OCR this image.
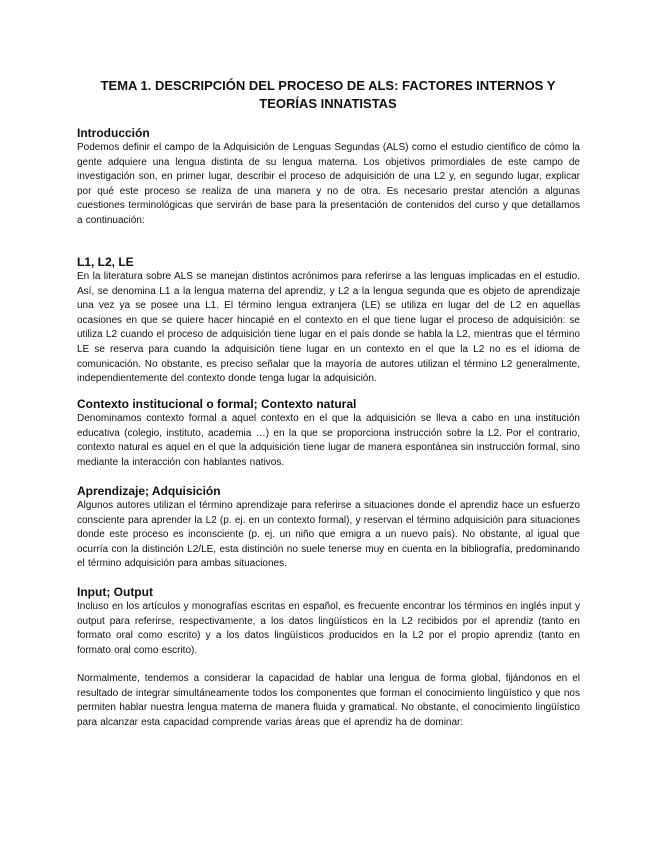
TEMA 1. DESCRIPCIÓN DEL PROCESO DE ALS: FACTORES INTERNOS Y TEORÍAS INNATISTAS
Introducción

Podemos definir el campo de la Adquisición de Lenguas Segundas (ALS) como el estudio científico de cómo la gente adquiere una lengua distinta de su lengua materna. Los objetivos primordiales de este campo de investigación son, en primer lugar, describir el proceso de adquisición de una L2 y, en segundo lugar, explicar por qué este proceso se realiza de una manera y no de otra. Es necesario prestar atención a algunas cuestiones terminológicas que servirán de base para la presentación de contenidos del curso y que detallamos a continuación:

L1, L2, LE

En la literatura sobre ALS se manejan distintos acrónimos para referirse a las lenguas implicadas en el estudio. Así, se denomina L1 a la lengua materna del aprendiz, y L2 a la lengua segunda que es objeto de aprendizaje una vez ya se posee una L1. El término lengua extranjera (LE) se utiliza en lugar del de L2 en aquellas ocasiones en que se quiere hacer hincapié en el contexto en el que tiene lugar el proceso de adquisición: se utiliza L2 cuando el proceso de adquisición tiene lugar en el país donde se habla la L2, mientras que el término LE se reserva para cuando la adquisición tiene lugar en un contexto en el que la L2 no es el idioma de comunicación. No obstante, es preciso señalar que la mayoría de autores utilizan el término L2 generalmente, independientemente del contexto donde tenga lugar la adquisición.

Contexto institucional o formal; Contexto natural

Denominamos contexto formal a aquel contexto en el que la adquisición se lleva a cabo en una institución educativa (colegio, instituto, academia …) en la que se proporciona instrucción sobre la L2. Por el contrario, contexto natural es aquel en el que la adquisición tiene lugar de manera espontánea sin instrucción formal, sino mediante la interacción con hablantes nativos.

Aprendizaje; Adquisición

Algunos autores utilizan el término aprendizaje para referirse a situaciones donde el aprendiz hace un esfuerzo consciente para aprender la L2 (p. ej. en un contexto formal), y reservan el término adquisición para situaciones donde este proceso es inconsciente (p. ej. un niño que emigra a un nuevo país). No obstante, al igual que ocurría con la distinción L2/LE, esta distinción no suele tenerse muy en cuenta en la bibliografía, predominando el término adquisición para ambas situaciones.

Input; Output

Incluso en los artículos y monografías escritas en español, es frecuente encontrar los términos en inglés input y output para referirse, respectivamente, a los datos lingüísticos en la L2 recibidos por el aprendiz (tanto en formato oral como escrito) y a los datos lingüísticos producidos en la L2 por el propio aprendiz (tanto en formato oral como escrito).

Normalmente, tendemos a considerar la capacidad de hablar una lengua de forma global, fijándonos en el resultado de integrar simultáneamente todos los componentes que forman el conocimiento lingüístico y que nos permiten hablar nuestra lengua materna de manera fluida y gramatical. No obstante, el conocimiento lingüístico para alcanzar esta capacidad comprende varias áreas que el aprendiz ha de dominar:
